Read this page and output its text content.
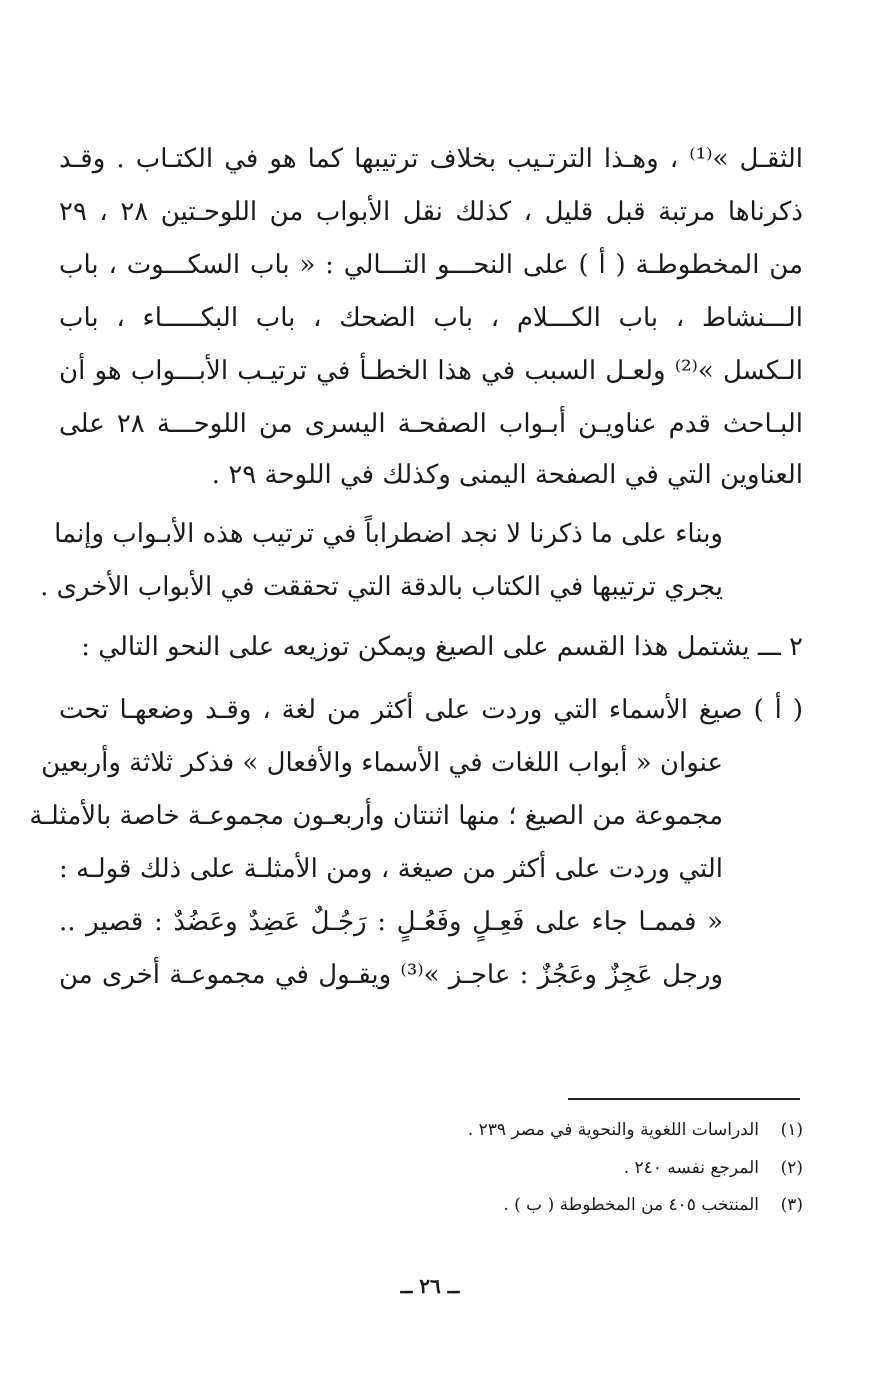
الثقـل »⁽¹⁾ ، وهـذا الترتـيب بخلاف ترتيبها كما هو في الكتـاب . وقـد
ذكرناها مرتبة قبل قليل ، كذلك نقل الأبواب من اللوحـتين ٢٨ ، ٢٩
من المخطوطـة ( أ ) على النحـــو التـــالي : « باب السكـــوت ، باب
الـــنشاط ، باب الكـــلام ، باب الضحك ، باب البكـــــاء ، باب
الـكسل »⁽²⁾ ولعـل السبب في هذا الخطـأ في ترتيـب الأبـــواب هو أن
البـاحث قدم عناويـن أبـواب الصفحـة اليسرى من اللوحـــة ٢٨ على
العناوين التي في الصفحة اليمنى وكذلك في اللوحة ٢٩ .
وبناء على ما ذكرنا لا نجد اضطراباً في ترتيب هذه الأبـواب وإنما
يجري ترتيبها في الكتاب بالدقة التي تحققت في الأبواب الأخرى .
٢ ـــ يشتمل هذا القسم على الصيغ ويمكن توزيعه على النحو التالي :
( أ ) صيغ الأسماء التي وردت على أكثر من لغة ، وقـد وضعهـا تحت
عنوان « أبواب اللغات في الأسماء والأفعال » فذكر ثلاثة وأربعين
مجموعة من الصيغ ؛ منها اثنتان وأربعـون مجموعـة خاصة بالأمثلـة
التي وردت على أكثر من صيغة ، ومن الأمثلـة على ذلك قولـه :
« فممـا جاء على فَعِـلٍ وفَعُـلٍ : رَجُـلٌ عَضِدٌ وعَضُدٌ : قصير ..
ورجل عَجِزٌ وعَجُزٌ : عاجـز »⁽³⁾ ويقـول في مجموعـة أخرى من
(١)الدراسات اللغوية والنحوية في مصر ٢٣٩ .
(٢)المرجع نفسه ٢٤٠ .
(٣)المنتخب ٤٠٥ من المخطوطة ( ب ) .
ــ ٢٦ ــ
